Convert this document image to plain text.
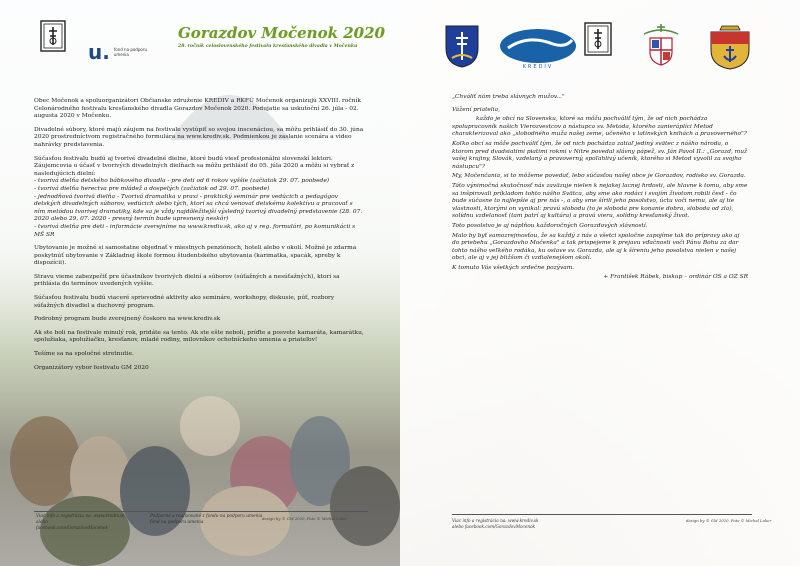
u . fond na podporu umenia
Gorazdov Močenok 2020
28. ročník celoslovenského festivalu kresťanského divadla v Močenku

Obec Močenok a spoluorganizátori Občianske združenie KREDIV a RKFÚ Močenok organizujú XXVIII. ročník Celonárodného festivalu kresťanského divadla Gorazdov Močenok 2020. Podujatie sa uskutoční 26. júla - 02. augusta 2020 v Močenku.

Divadelné súbory, ktoré majú záujem na festivale vystúpiť so svojou inscenáciou, sa môžu prihlásiť do 30. júna 2020 prostredníctvom registračného formulára na www.krediv.sk. Podmienkou je zaslanie scenára a video nahrávky predstavenia.

Súčasťou festivalu budú aj tvorivé divadelné dielne, ktoré budú viesť profesionálni slovenskí lektori. Záujemcovia o účasť v tvorivých divadelných dielňach sa môžu prihlásiť do 05. júla 2020 a môžu si vybrať z nasledujúcich dielní:

- tvorivá dielňa detského bábkového divadla - pre deti od 6 rokov vyššie (začiatok 29. 07. poobede)
- tvorivá dielňa herectva pre mládež a dospelých (začiatok od 29. 07. poobede)
- jednodňová tvorivá dielňa - Tvorivá dramatika v praxi - praktický seminár pre vedúcich a pedagógov detských divadelných súborov, vedúcich alebo tých, ktorí sa chcú venovať detskému kolektívu a pracovať s ním metódou tvorivej dramatiky, kde sa je vždy najdôležitejší výsledný tvorivý divadelný predstavenie (28. 07. 2020 alebo 29. 07. 2020 - presný termín bude upresnený neskôr)

- tvorivá dielňa pre deti - informácie zverejníme na www.krediv.sk, ako aj v reg. formulári, po komunikácii s MŠ SR

Ubytovanie je možné si samostatne objednať v miestnych penziónoch, hoteli alebo v okolí. Možné je zdarma poskytnúť ubytovanie v Základnej škole formou študentského ubytovania (karimatka, spacák, spreby k dispozícii).

Stravu vieme zabezpečiť pre účastníkov tvorivých dielní a súborov (súťažných a nesúťažných), ktorí sa prihlásia do termínov uvedených vyššie.

Súčasťou festivalu budú viaceré sprievodné aktivity ako semináre, workshopy, diskusie, púť, rozbory súťažných divadiel a duchovný program.

Podrobný program bude zverejnený čoskoro na www.krediv.sk

Ak ste boli na festivale minulý rok, pridáte sa tento. Ak ste ešte neboli, príďte a posvete kamaráta, kamarátku, spolužiaka, spolužiačku, kresťanov, mladé rodiny, milovníkov ochotníckeho umenia a priateľov!

Tešíme sa na spoločné stretnutie.

Organizátory vybor festivalu GM 2020

Viac info a registrácia na: www.krediv.sk
alebo
facebook.com/GorazdovMocenok
Podporné a realizované z fondu na podporu umenia
fond na podporu umenia
design by © GM 2020, Foto © Michal Luker
KREDIV

„Chváliť nám treba slávnych mužov..."

Vážení priatelia,

každo je obcí na Slovensku, ktoré sa môžu pochváliť tým, že od nich pochádza spolupracovník našich Vierozvestcov a nástupca sv. Metoda, ktorého zanieráplíci Metod charakterizoval ako „slobodného muža našej zeme, učeného v latinských knihách a pravoverného"?

Koľko obcí sa môže pochváliť tým, že od nich pochádza zatiaľ jediný svätec z nášho národa, o ktorom pred dvadsiatimi piatimi rokmi v Nitre povedal slávny pápež, sv. Ján Pavol II.: „Gorazd, muž vašej krajiny, Slovák, vzdelaný a pravoverný, spoľahlivý učeník, ktorého si Metod vyvolil za svojho nástupcu"?

My, Močenčania, si to môžeme povedať, lebo súčasťou našej obce je Gorazdov, rodisko sv. Gorazda.

Táto výnimočná skutočnosť nás zaväzuje nielen k nejakej lacnej hrdosti, ale hlavne k tomu, aby sme sa inšpirovali príkladom tohto nášho Svätca, aby sme ako rodáci i svojím životom robili česť - čo bude súčasne to najlepšie aj pre nás -, a aby sme šírili jeho posolstvo, úctu voči nemu, ale aj tie vlastnosti, ktorými on vynikal: pravú slobodu (to je sloboda pre konanie dobra, sloboda od zla), solídnu vzdelanosť (tam patrí aj kultúra) a pravú vieru, solídny kresťanský život.

Toto posolstvo je aj náplňou každoročných Gorazdových slávností.

Malo by byť samozrejmosťou, že sa každý z nás a všetci spoločne zapojíme tak do prípravy ako aj do priebehu „Gorazdovho Močenka" a tak prispejeme k prejavu vďačnosti voči Pánu Bohu za dar tohto nášho veľkého rodáka, ku oslave sv. Gorazda, ale aj k šíreniu jeho posolstva nielen v našej obci, ale aj v jej bližšom či vzdialenejšom okolí.

K tomuto Vás všetkých srdečne pozývam.

+ František Rábek, biskup – ordinár OS a OZ SR

Viac info a registrácia na: www.krediv.sk
alebo facebook.com/GorazdovMocenok
design by © GM 2020, Foto © Michal Luker
